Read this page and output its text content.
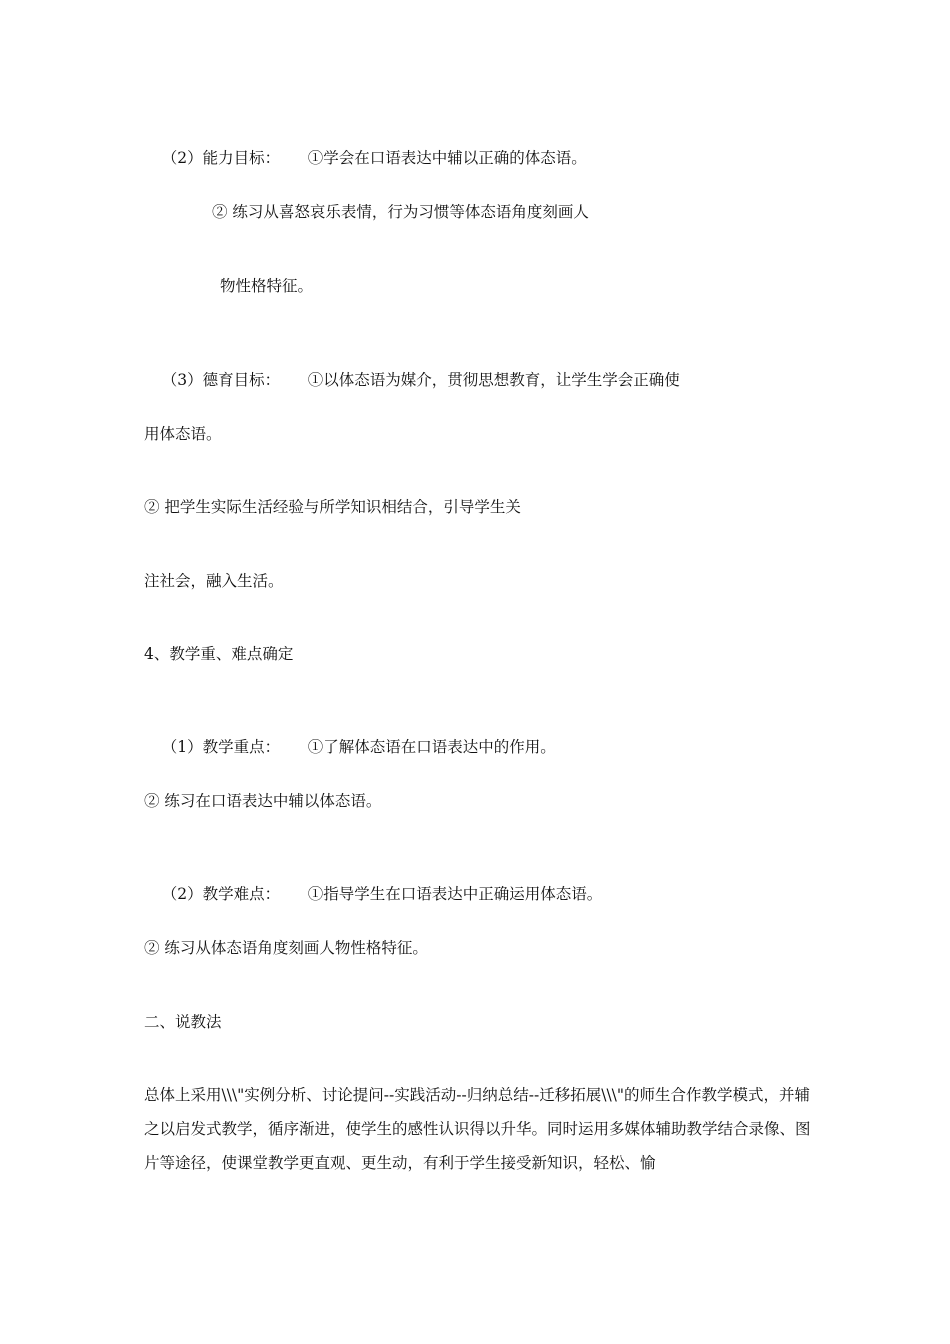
（2）能力目标： ①学会在口语表达中辅以正确的体态语。

② 练习从喜怒哀乐表情，行为习惯等体态语角度刻画人
物性格特征。

（3）德育目标： ①以体态语为媒介，贯彻思想教育，让学生学会正确使

用体态语。
② 把学生实际生活经验与所学知识相结合，引导学生关
注社会，融入生活。
4、教学重、难点确定

（1）教学重点： ①了解体态语在口语表达中的作用。

② 练习在口语表达中辅以体态语。

（2）教学难点： ①指导学生在口语表达中正确运用体态语。

② 练习从体态语角度刻画人物性格特征。
二、说教法
总体上采用\\\"实例分析、讨论提问--实践活动--归纳总结--迁移拓展\\\"的师生合作教学模式，并辅之以启发式教学，循序渐进，使学生的感性认识得以升华。同时运用多媒体辅助教学结合录像、图片等途径，使课堂教学更直观、更生动，有利于学生接受新知识，轻松、愉
